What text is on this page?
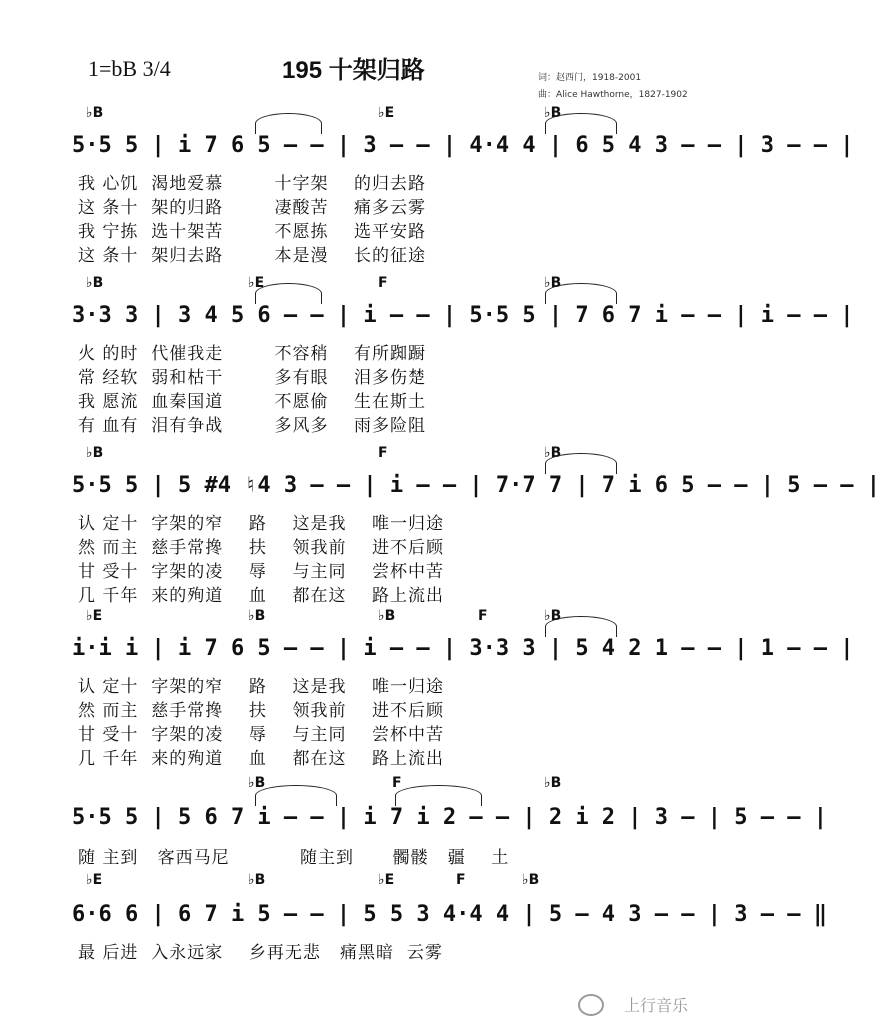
1=bB 3/4	195 十架归路	词：赵西门，1918-2001
曲：Alice Hawthorne，1827-1902
♭B	♭E	♭B
5·5 5 | i 7 6 5 — — | 3 — — | 4·4 4 | 6 5 4 3 — — | 3 — — |
我 心饥  渴地爱慕        十字架    的归去路
这 条十  架的归路        凄酸苦    痛多云雾
我 宁拣  选十架苦        不愿拣    选平安路
这 条十  架归去路        本是漫    长的征途
♭B	♭E	F	♭B
3·3 3 | 3 4 5 6 — — | i — — | 5·5 5 | 7 6 7 i — — | i — — |
火 的时  代催我走        不容稍    有所踟蹰
常 经软  弱和枯干        多有眼    泪多伤楚
我 愿流  血秦国道        不愿偷    生在斯土
有 血有  泪有争战        多风多    雨多险阻
♭B	F	♭B
5·5 5 | 5 #4 ♮4 3 — — | i — — | 7·7 7 | 7 i 6 5 — — | 5 — — |
认 定十  字架的窄    路    这是我    唯一归途
然 而主  慈手常搀    扶    领我前    进不后顾
甘 受十  字架的凌    辱    与主同    尝杯中苦
几 千年  来的殉道    血    都在这    路上流出
♭E	♭B	♭B	F	♭B
i·i i | i 7 6 5 — — | i — — | 3·3 3 | 5 4 2 1 — — | 1 — — |
认 定十  字架的窄    路    这是我    唯一归途
然 而主  慈手常搀    扶    领我前    进不后顾
甘 受十  字架的凌    辱    与主同    尝杯中苦
几 千年  来的殉道    血    都在这    路上流出
♭B	F	♭B
5·5 5 | 5 6 7 i — — | i 7 i 2 — — | 2 i 2 | 3 — | 5 — — |
随 主到   客西马尼           随主到      髑髅   疆    土
♭E	♭B	♭E	F	♭B
6·6 6 | 6 7 i 5 — — | 5 5 3 4·4 4 | 5 — 4 3 — — | 3 — — ‖
最 后进  入永远家    乡再无悲   痛黑暗  云雾
上行音乐
